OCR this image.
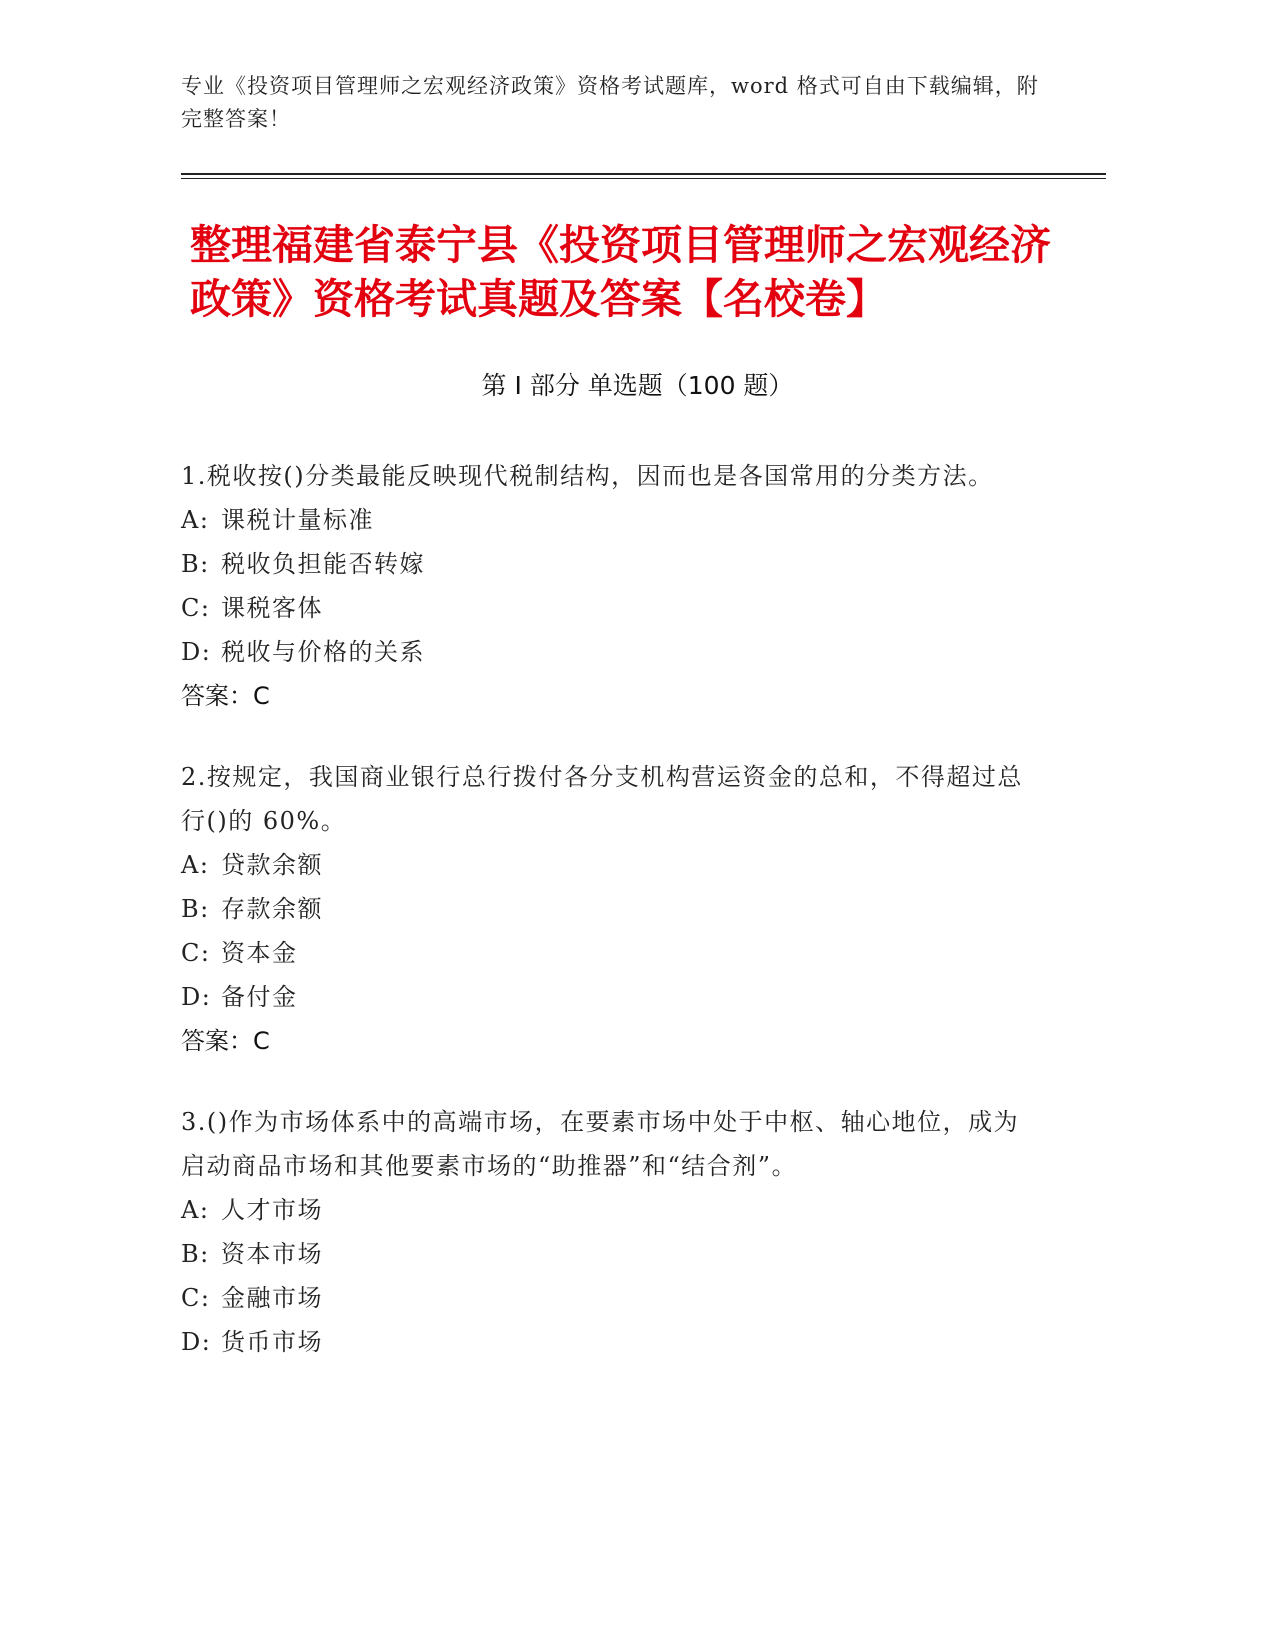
专业《投资项目管理师之宏观经济政策》资格考试题库，word 格式可自由下载编辑，附完整答案！
整理福建省泰宁县《投资项目管理师之宏观经济政策》资格考试真题及答案【名校卷】
第 I 部分 单选题（100 题）
1.税收按()分类最能反映现代税制结构，因而也是各国常用的分类方法。
A: 课税计量标准
B: 税收负担能否转嫁
C: 课税客体
D: 税收与价格的关系
答案：C
2.按规定，我国商业银行总行拨付各分支机构营运资金的总和，不得超过总行()的 60%。
A: 贷款余额
B: 存款余额
C: 资本金
D: 备付金
答案：C
3.()作为市场体系中的高端市场，在要素市场中处于中枢、轴心地位，成为启动商品市场和其他要素市场的“助推器”和“结合剂”。
A: 人才市场
B: 资本市场
C: 金融市场
D: 货币市场
